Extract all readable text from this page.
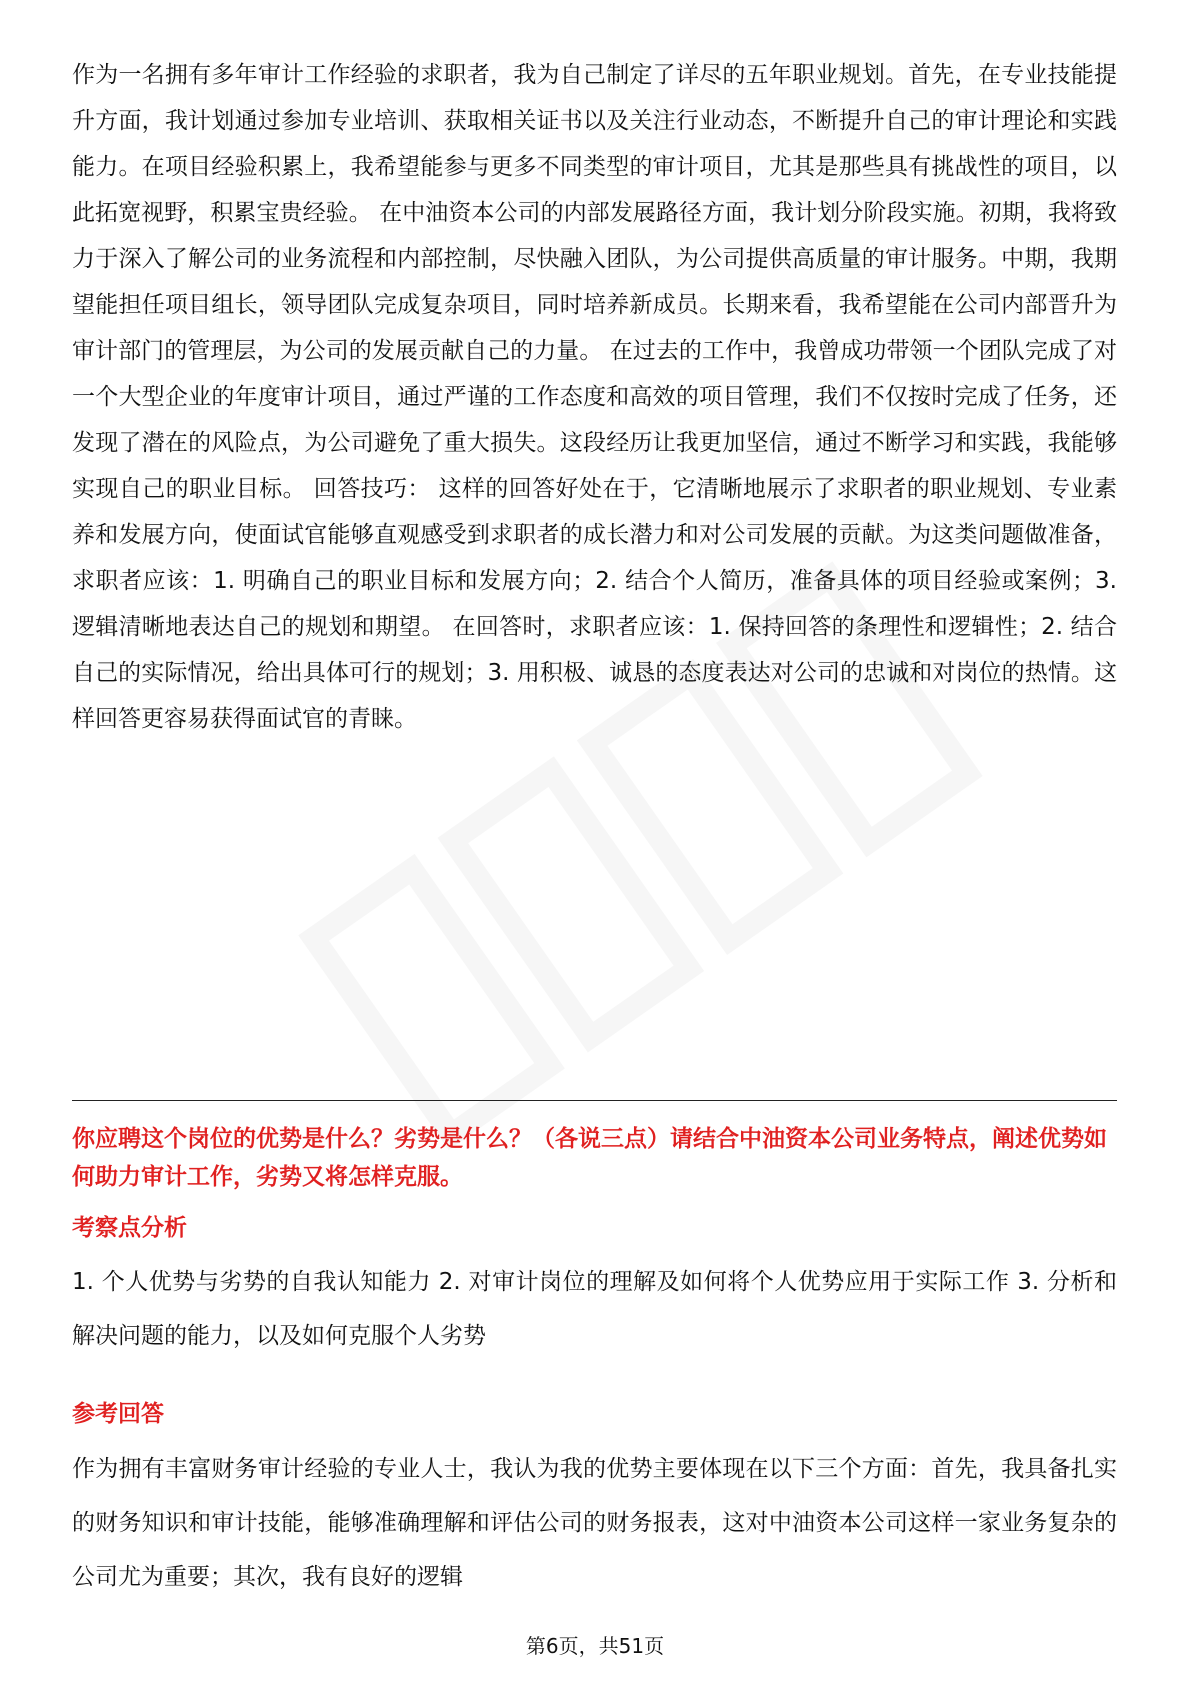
作为一名拥有多年审计工作经验的求职者，我为自己制定了详尽的五年职业规划。首先，在专业技能提升方面，我计划通过参加专业培训、获取相关证书以及关注行业动态，不断提升自己的审计理论和实践能力。在项目经验积累上，我希望能参与更多不同类型的审计项目，尤其是那些具有挑战性的项目，以此拓宽视野，积累宝贵经验。 在中油资本公司的内部发展路径方面，我计划分阶段实施。初期，我将致力于深入了解公司的业务流程和内部控制，尽快融入团队，为公司提供高质量的审计服务。中期，我期望能担任项目组长，领导团队完成复杂项目，同时培养新成员。长期来看，我希望能在公司内部晋升为审计部门的管理层，为公司的发展贡献自己的力量。 在过去的工作中，我曾成功带领一个团队完成了对一个大型企业的年度审计项目，通过严谨的工作态度和高效的项目管理，我们不仅按时完成了任务，还发现了潜在的风险点，为公司避免了重大损失。这段经历让我更加坚信，通过不断学习和实践，我能够实现自己的职业目标。 回答技巧： 这样的回答好处在于，它清晰地展示了求职者的职业规划、专业素养和发展方向，使面试官能够直观感受到求职者的成长潜力和对公司发展的贡献。为这类问题做准备，求职者应该：1. 明确自己的职业目标和发展方向；2. 结合个人简历，准备具体的项目经验或案例；3. 逻辑清晰地表达自己的规划和期望。 在回答时，求职者应该：1. 保持回答的条理性和逻辑性；2. 结合自己的实际情况，给出具体可行的规划；3. 用积极、诚恳的态度表达对公司的忠诚和对岗位的热情。这样回答更容易获得面试官的青睐。

你应聘这个岗位的优势是什么？劣势是什么？（各说三点）请结合中油资本公司业务特点，阐述优势如何助力审计工作，劣势又将怎样克服。

考察点分析

1. 个人优势与劣势的自我认知能力 2. 对审计岗位的理解及如何将个人优势应用于实际工作 3. 分析和解决问题的能力，以及如何克服个人劣势

参考回答

作为拥有丰富财务审计经验的专业人士，我认为我的优势主要体现在以下三个方面：首先，我具备扎实的财务知识和审计技能，能够准确理解和评估公司的财务报表，这对中油资本公司这样一家业务复杂的公司尤为重要；其次，我有良好的逻辑

第6页，共51页
